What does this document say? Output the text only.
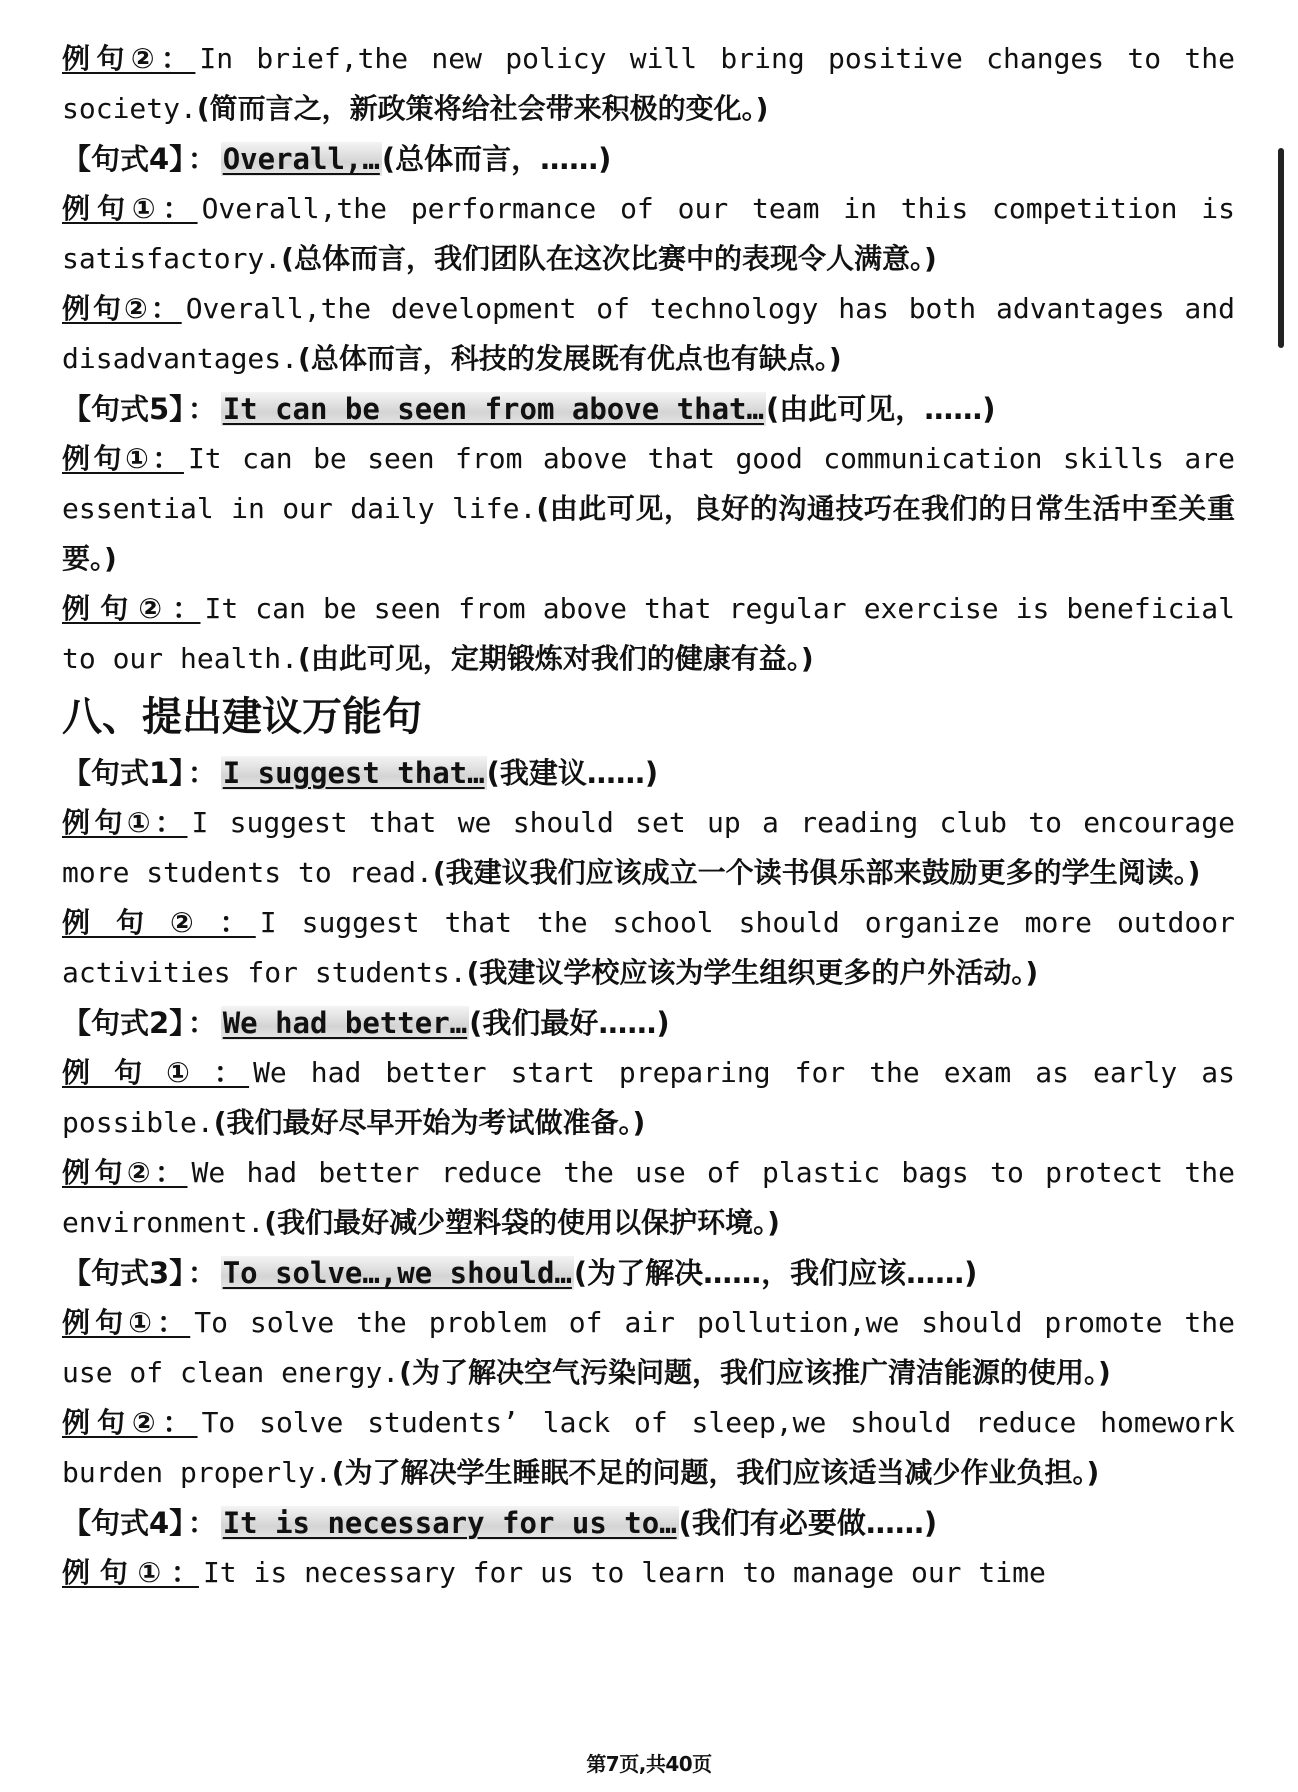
例句②： In brief,the new policy will bring positive changes to the society.(简而言之，新政策将给社会带来积极的变化。)

【句式4】 ： Overall,…(总体而言，……)

例句①： Overall,the performance of our team in this competition is satisfactory.(总体而言，我们团队在这次比赛中的表现令人满意。)

例句②： Overall,the development of technology has both advantages and disadvantages.(总体而言，科技的发展既有优点也有缺点。)

【句式5】 ： It can be seen from above that…(由此可见，……)

例句①： It can be seen from above that good communication skills are essential in our daily life.(由此可见，良好的沟通技巧在我们的日常生活中至关重要。)

例 句 ② ： It can be seen from above that regular exercise is beneficial to our health.(由此可见，定期锻炼对我们的健康有益。)

八、提出建议万能句

【句式1】 ： I suggest that…(我建议……)

例句①： I suggest that we should set up a reading club to encourage more students to read.(我建议我们应该成立一个读书俱乐部来鼓励更多的学生阅读。)

例 句 ② ： I suggest that the school should organize more outdoor activities for students.(我建议学校应该为学生组织更多的户外活动。)

【句式2】 ： We had better…(我们最好……)

例 句 ① ： We had better start preparing for the exam as early as possible.(我们最好尽早开始为考试做准备。)

例句②： We had better reduce the use of plastic bags to protect the environment.(我们最好减少塑料袋的使用以保护环境。)

【句式3】 ： To solve…,we should…(为了解决……，我们应该……)

例句①： To solve the problem of air pollution,we should promote the use of clean energy.(为了解决空气污染问题，我们应该推广清洁能源的使用。)

例句②： To solve students’ lack of sleep,we should reduce homework burden properly.(为了解决学生睡眠不足的问题，我们应该适当减少作业负担。)

【句式4】 ： It is necessary for us to…(我们有必要做……)

例 句 ① ： It is necessary for us to learn to manage our time

第7页,共40页
